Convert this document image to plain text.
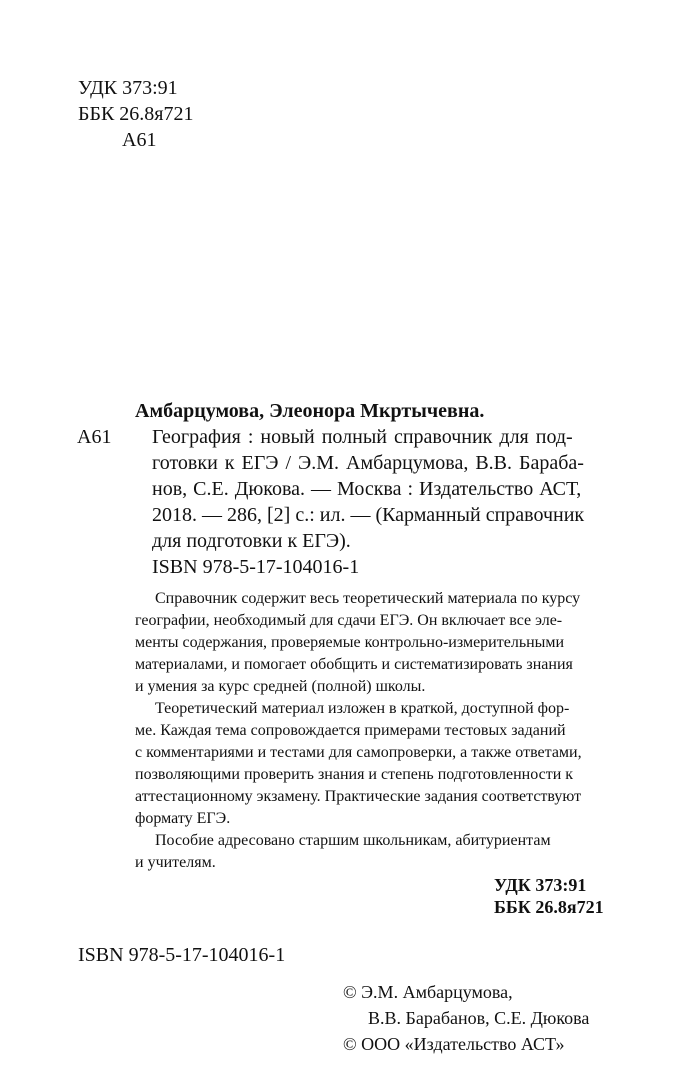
УДК 373:91
ББК 26.8я721
А61
Амбарцумова, Элеонора Мкртычевна.
А61 География : новый полный справочник для под-
готовки к ЕГЭ / Э.М. Амбарцумова, В.В. Бараба-
нов, С.Е. Дюкова. — Москва : Издательство АСТ,
2018. — 286, [2] с.: ил. — (Карманный справочник
для подготовки к ЕГЭ).
ISBN 978-5-17-104016-1
Справочник содержит весь теоретический материала по курсу
географии, необходимый для сдачи ЕГЭ. Он включает все эле-
менты содержания, проверяемые контрольно-измерительными
материалами, и помогает обобщить и систематизировать знания
и умения за курс средней (полной) школы.
Теоретический материал изложен в краткой, доступной фор-
ме. Каждая тема сопровождается примерами тестовых заданий
с комментариями и тестами для самопроверки, а также ответами,
позволяющими проверить знания и степень подготовленности к
аттестационному экзамену. Практические задания соответствуют
формату ЕГЭ.
Пособие адресовано старшим школьникам, абитуриентам
и учителям.
УДК 373:91
ББК 26.8я721
ISBN 978-5-17-104016-1
© Э.М. Амбарцумова,
В.В. Барабанов, С.Е. Дюкова
© ООО «Издательство АСТ»
